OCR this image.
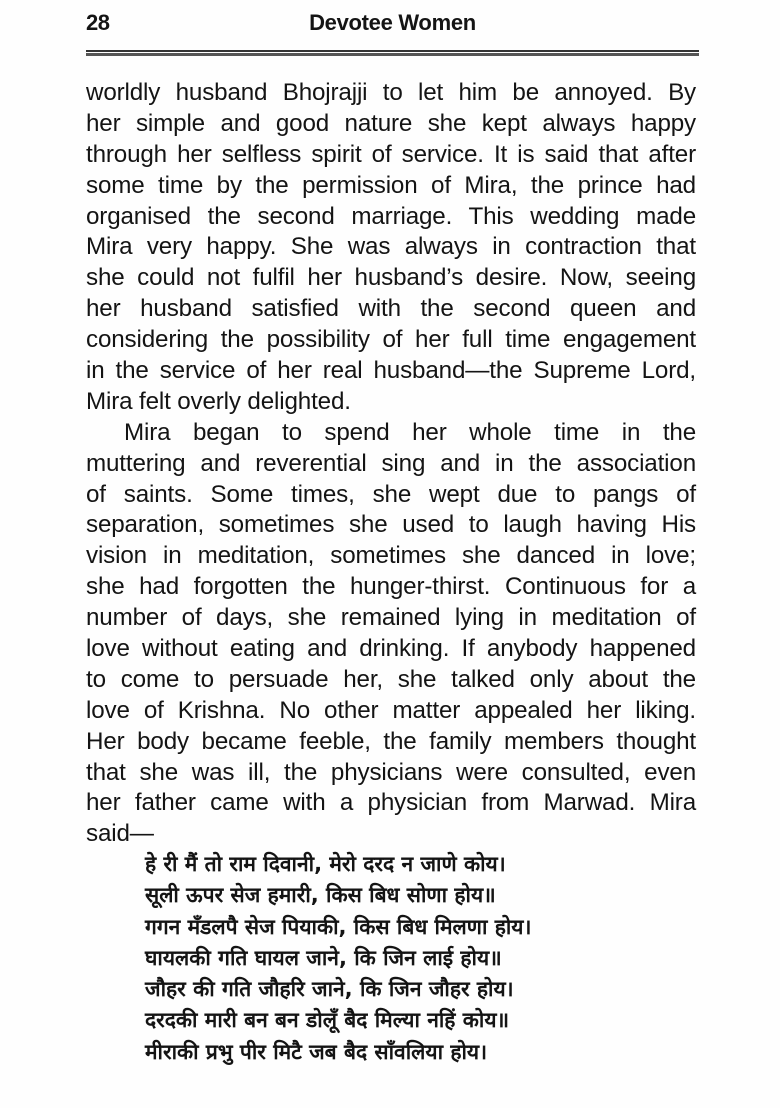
28	Devotee Women
worldly husband Bhojrajji to let him be annoyed. By
her simple and good nature she kept always happy
through her selfless spirit of service. It is said that after
some time by the permission of Mira, the prince had
organised the second marriage. This wedding made
Mira very happy. She was always in contraction that
she could not fulfil her husband’s desire. Now, seeing
her husband satisfied with the second queen and
considering the possibility of her full time engagement
in the service of her real husband—the Supreme Lord,
Mira felt overly delighted.
Mira began to spend her whole time in the
muttering and reverential sing and in the association
of saints. Some times, she wept due to pangs of
separation, sometimes she used to laugh having His
vision in meditation, sometimes she danced in love;
she had forgotten the hunger-thirst. Continuous for a
number of days, she remained lying in meditation of
love without eating and drinking. If anybody happened
to come to persuade her, she talked only about the
love of Krishna. No other matter appealed her liking.
Her body became feeble, the family members thought
that she was ill, the physicians were consulted, even
her father came with a physician from Marwad. Mira
said—
हे री मैं तो राम दिवानी, मेरो दरद न जाणे कोय।
सूली ऊपर सेज हमारी, किस बिध सोणा होय॥
गगन मँडलपै सेज पियाकी, किस बिध मिलणा होय।
घायलकी गति घायल जाने, कि जिन लाई होय॥
जौहर की गति जौहरि जाने, कि जिन जौहर होय।
दरदकी मारी बन बन डोलूँ बैद मिल्या नहिं कोय॥
मीराकी प्रभु पीर मिटै जब बैद साँवलिया होय।
